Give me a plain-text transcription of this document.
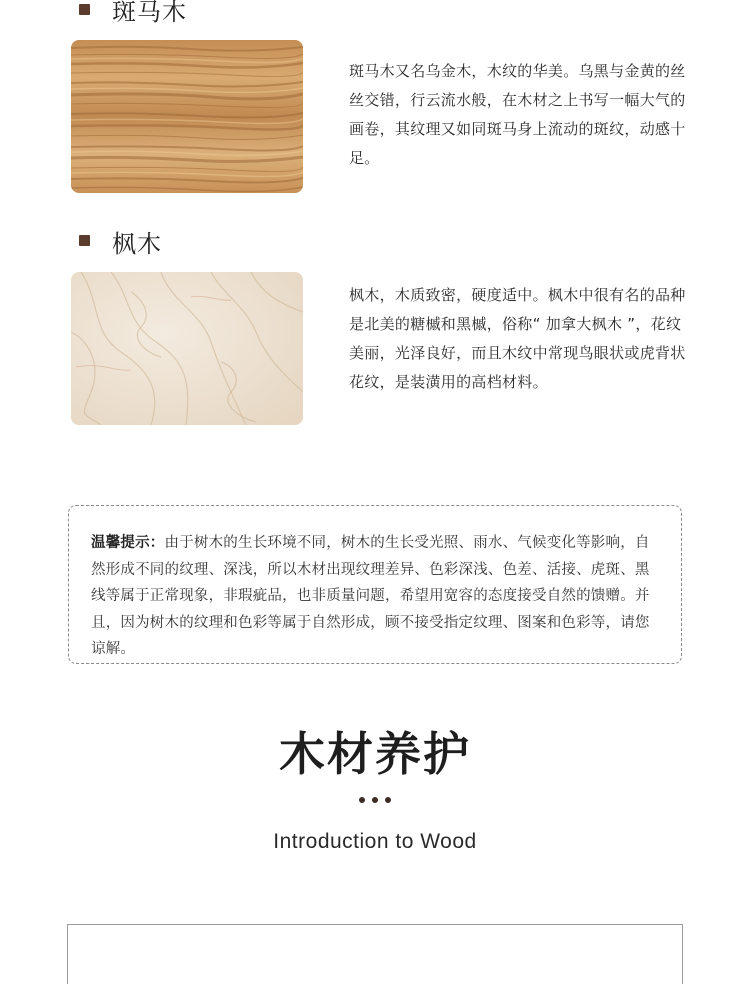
斑马木
斑马木又名乌金木，木纹的华美。乌黑与金黄的丝丝交错，行云流水般，在木材之上书写一幅大气的画卷，其纹理又如同斑马身上流动的斑纹，动感十足。
枫木
枫木，木质致密，硬度适中。枫木中很有名的品种是北美的糖槭和黑槭，俗称“ 加拿大枫木 ”，花纹美丽，光泽良好，而且木纹中常现鸟眼状或虎背状花纹，是装潢用的高档材料。
温馨提示：由于树木的生长环境不同，树木的生长受光照、雨水、气候变化等影响，自然形成不同的纹理、深浅，所以木材出现纹理差异、色彩深浅、色差、活接、虎斑、黑线等属于正常现象，非瑕疵品，也非质量问题，希望用宽容的态度接受自然的馈赠。并且，因为树木的纹理和色彩等属于自然形成，顾不接受指定纹理、图案和色彩等，请您谅解。
木材养护
Introduction to Wood
